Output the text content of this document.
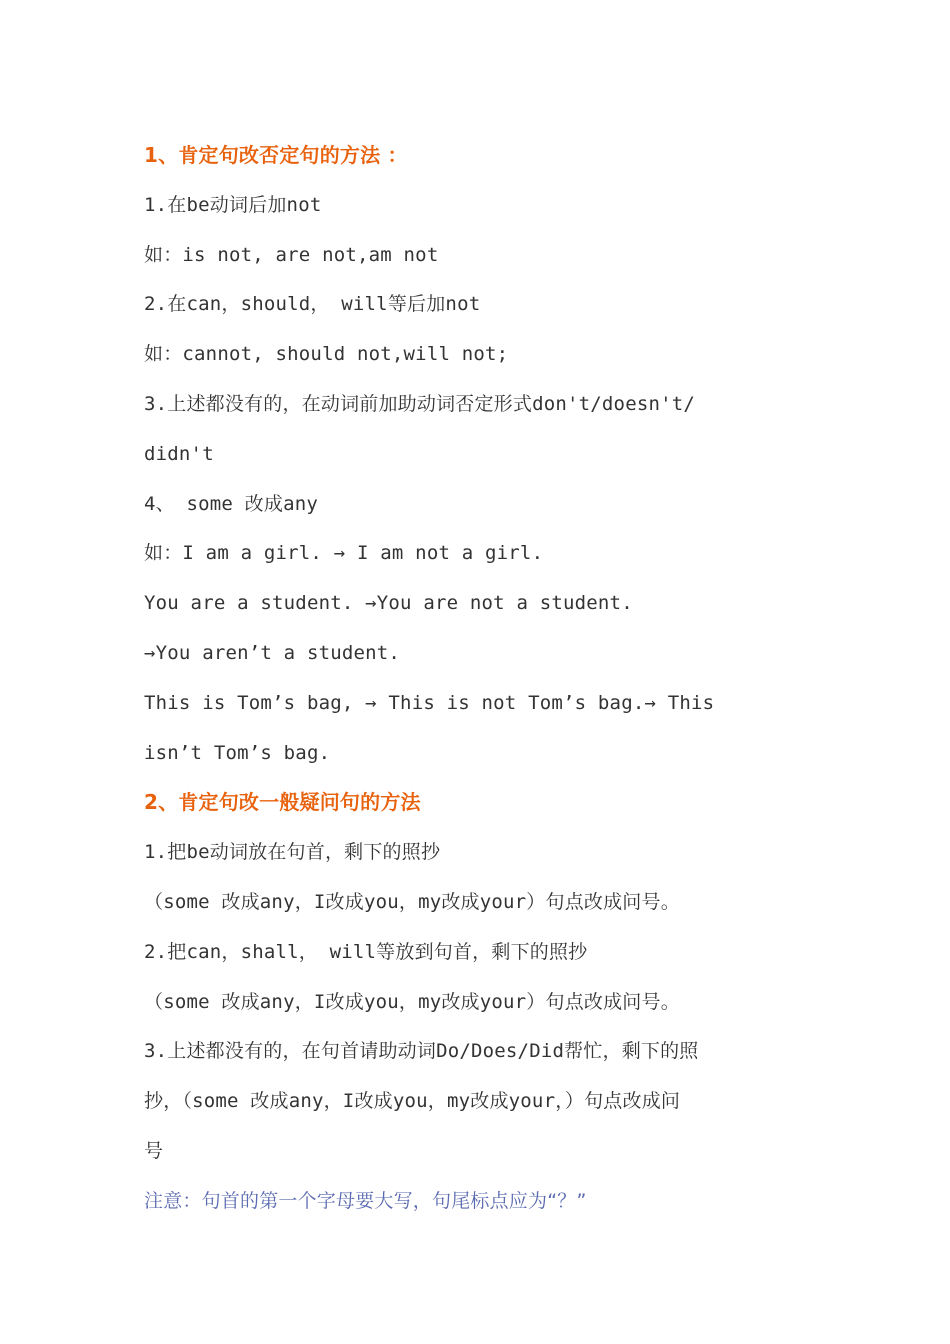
1、肯定句改否定句的方法 ：
1.在be动词后加not
如：is not, are not,am not
2.在can，should， will等后加not
如：cannot, should not,will not;
3.上述都没有的，在动词前加助动词否定形式don't/doesn't/
didn't
4、 some 改成any
如：I am a girl. → I am not a girl.
You are a student. →You are not a student.
→You aren’t a student.
This is Tom’s bag, → This is not Tom’s bag.→ This
isn’t Tom’s bag.
2、肯定句改一般疑问句的方法
1.把be动词放在句首，剩下的照抄
（some 改成any，I改成you，my改成your）句点改成问号。
2.把can，shall， will等放到句首，剩下的照抄
（some 改成any，I改成you，my改成your）句点改成问号。
3.上述都没有的，在句首请助动词Do/Does/Did帮忙，剩下的照
抄，（some 改成any，I改成you，my改成your，）句点改成问
号
注意：句首的第一个字母要大写，句尾标点应为“？”
